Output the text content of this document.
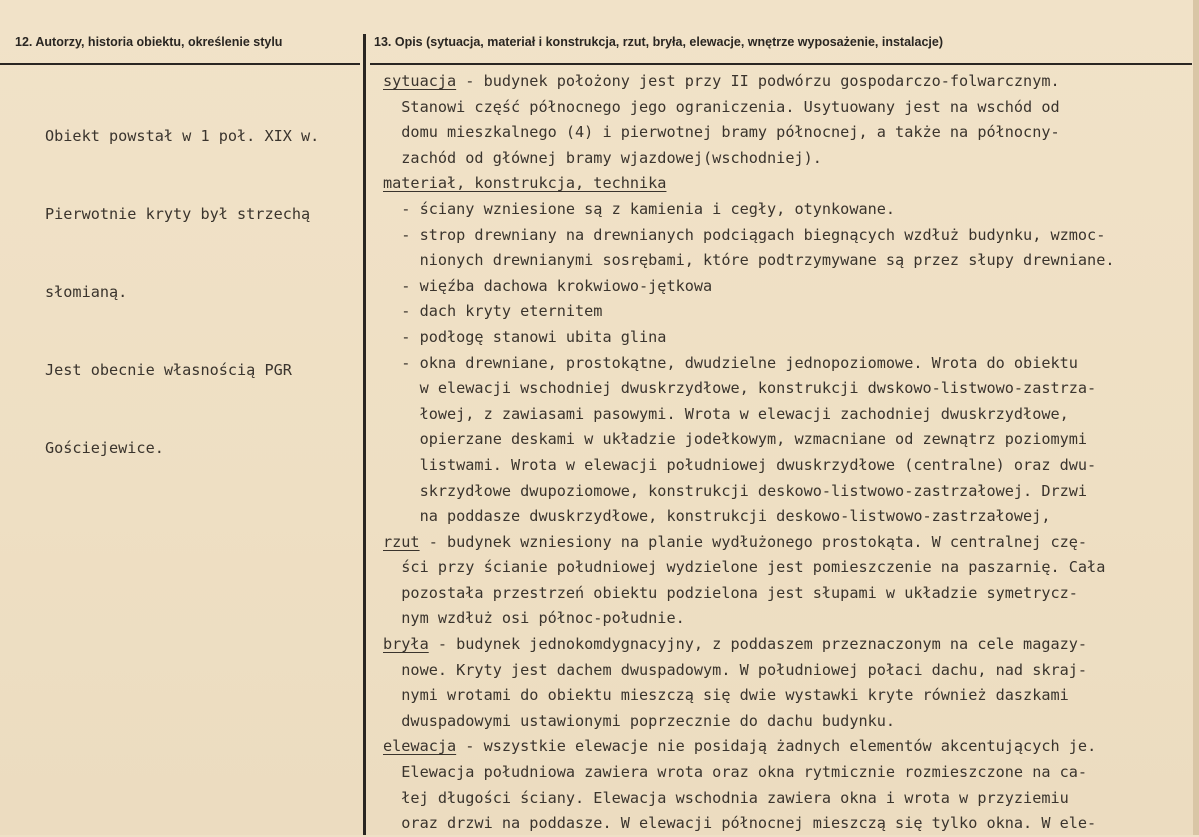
12. Autorzy, historia obiektu, określenie stylu	13. Opis (sytuacja, materiał i konstrukcja, rzut, bryła, elewacje, wnętrze wyposażenie, instalacje)

Obiekt powstał w 1 poł. XIX w.

Pierwotnie kryty był strzechą

słomianą.

Jest obecnie własnością PGR

Gościejewice.

sytuacja - budynek położony jest przy II podwórzu gospodarczo-folwarcznym.
Stanowi część północnego jego ograniczenia. Usytuowany jest na wschód od
domu mieszkalnego (4) i pierwotnej bramy północnej, a także na północny-
zachód od głównej bramy wjazdowej(wschodniej).
materiał, konstrukcja, technika
- ściany wzniesione są z kamienia i cegły, otynkowane.
- strop drewniany na drewnianych podciągach biegnących wzdłuż budynku, wzmoc-
nionych drewnianymi sosrębami, które podtrzymywane są przez słupy drewniane.
- więźba dachowa krokwiowo-jętkowa
- dach kryty eternitem
- podłogę stanowi ubita glina
- okna drewniane, prostokątne, dwudzielne jednopoziomowe. Wrota do obiektu
w elewacji wschodniej dwuskrzydłowe, konstrukcji dwskowo-listwowo-zastrza-
łowej, z zawiasami pasowymi. Wrota w elewacji zachodniej dwuskrzydłowe,
opierzane deskami w układzie jodełkowym, wzmacniane od zewnątrz poziomymi
listwami. Wrota w elewacji południowej dwuskrzydłowe (centralne) oraz dwu-
skrzydłowe dwupoziomowe, konstrukcji deskowo-listwowo-zastrzałowej. Drzwi
na poddasze dwuskrzydłowe, konstrukcji deskowo-listwowo-zastrzałowej,
rzut - budynek wzniesiony na planie wydłużonego prostokąta. W centralnej czę-
ści przy ścianie południowej wydzielone jest pomieszczenie na paszarnię. Cała
pozostała przestrzeń obiektu podzielona jest słupami w układzie symetrycz-
nym wzdłuż osi północ-południe.
bryła - budynek jednokomdygnacyjny, z poddaszem przeznaczonym na cele magazy-
nowe. Kryty jest dachem dwuspadowym. W południowej połaci dachu, nad skraj-
nymi wrotami do obiektu mieszczą się dwie wystawki kryte również daszkami
dwuspadowymi ustawionymi poprzecznie do dachu budynku.
elewacja - wszystkie elewacje nie posidają żadnych elementów akcentujących je.
Elewacja południowa zawiera wrota oraz okna rytmicznie rozmieszczone na ca-
łej długości ściany. Elewacja wschodnia zawiera okna i wrota w przyziemiu
oraz drzwi na poddasze. W elewacji północnej mieszczą się tylko okna. W ele-
